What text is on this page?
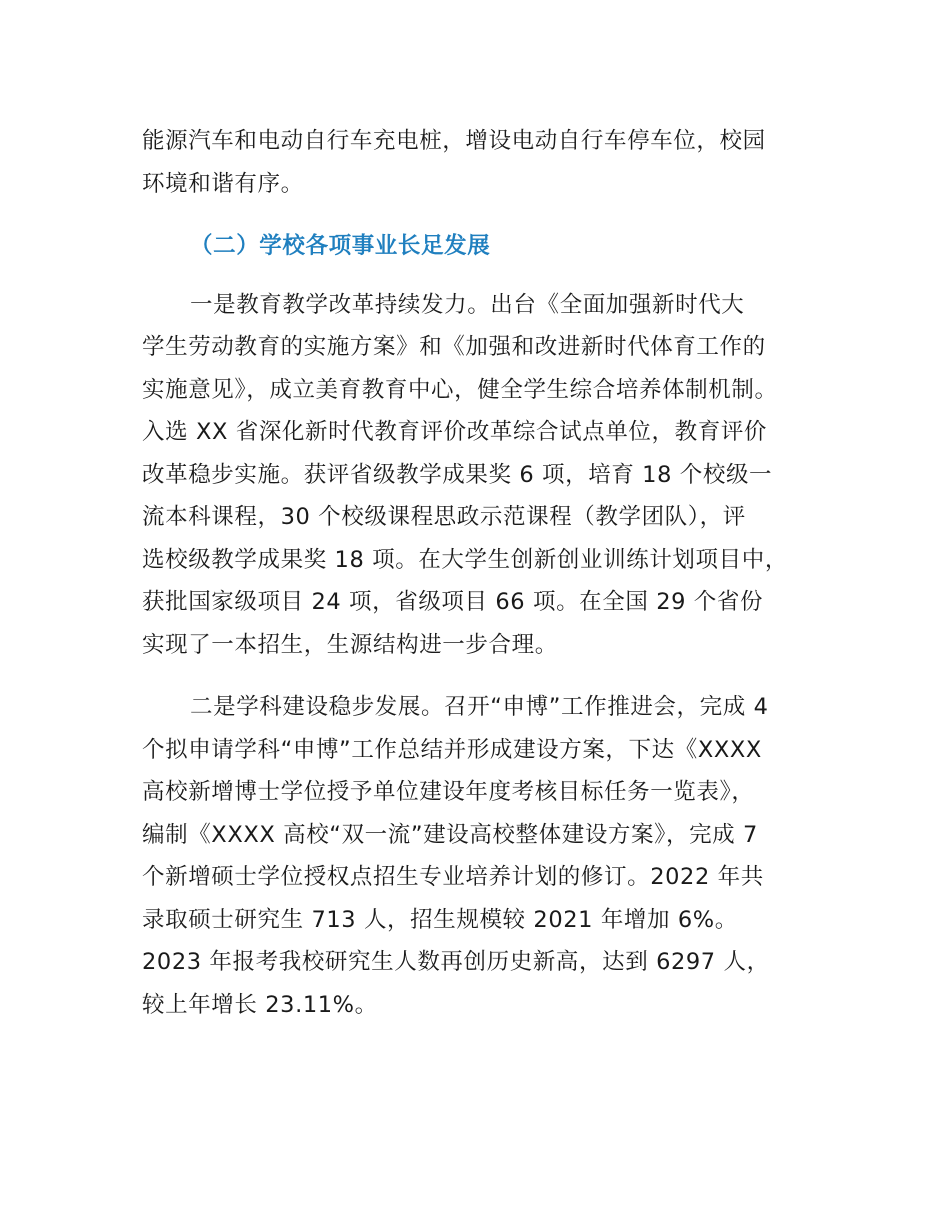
能源汽车和电动自行车充电桩，增设电动自行车停车位，校园
环境和谐有序。

（二）学校各项事业长足发展

一是教育教学改革持续发力。出台《全面加强新时代大
学生劳动教育的实施方案》和《加强和改进新时代体育工作的
实施意见》，成立美育教育中心，健全学生综合培养体制机制。
入选 XX 省深化新时代教育评价改革综合试点单位，教育评价
改革稳步实施。获评省级教学成果奖 6 项，培育 18 个校级一
流本科课程，30 个校级课程思政示范课程（教学团队），评
选校级教学成果奖 18 项。在大学生创新创业训练计划项目中，
获批国家级项目 24 项，省级项目 66 项。在全国 29 个省份
实现了一本招生，生源结构进一步合理。

二是学科建设稳步发展。召开“申博”工作推进会，完成 4
个拟申请学科“申博”工作总结并形成建设方案，下达《XXXX
高校新增博士学位授予单位建设年度考核目标任务一览表》，
编制《XXXX 高校“双一流”建设高校整体建设方案》，完成 7
个新增硕士学位授权点招生专业培养计划的修订。2022 年共
录取硕士研究生 713 人，招生规模较 2021 年增加 6%。
2023 年报考我校研究生人数再创历史新高，达到 6297 人，
较上年增长 23.11%。
